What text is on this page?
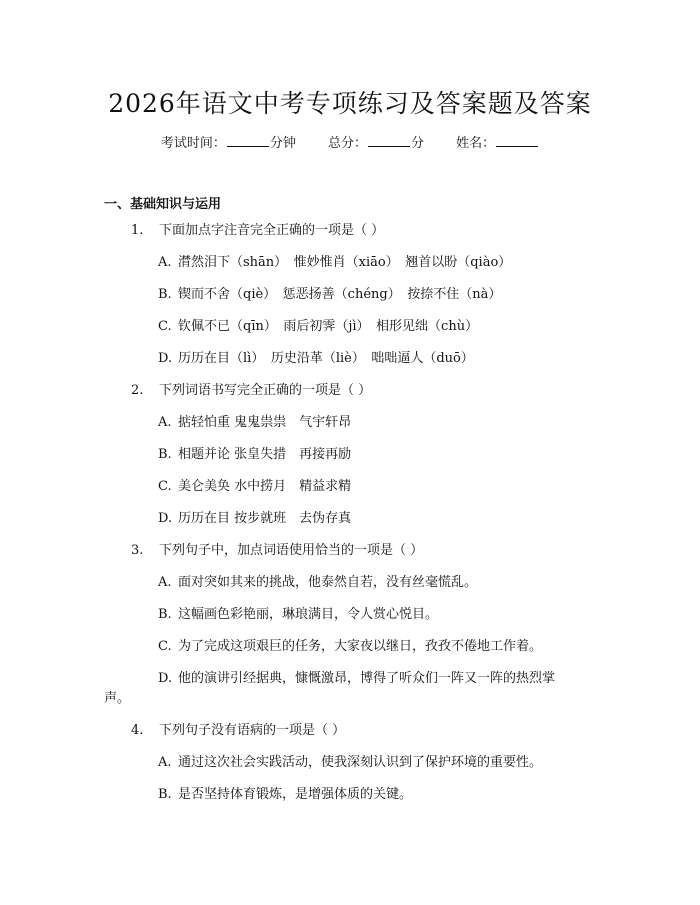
2026年语文中考专项练习及答案题及答案
考试时间：	分钟 总分：	分 姓名：
一、基础知识与运用
1. 下面加点字注音完全正确的一项是（ ）
A. 潸然泪下（shān）　惟妙惟肖（xiāo）　翘首以盼（qiào）
B. 锲而不舍（qiè）　惩恶扬善（chéng）　按捺不住（nà）
C. 钦佩不已（qīn）　雨后初霁（jì）　相形见绌（chù）
D. 历历在目（lì）　历史沿革（liè）　咄咄逼人（duō）
2. 下列词语书写完全正确的一项是（ ）
A. 掂轻怕重 鬼鬼祟祟　气宇轩昂
B. 相题并论 张皇失措　再接再励
C. 美仑美奂 水中捞月　精益求精
D. 历历在目 按步就班　去伪存真
3. 下列句子中，加点词语使用恰当的一项是（ ）
A. 面对突如其来的挑战，他泰然自若，没有丝毫慌乱。
B. 这幅画色彩艳丽，琳琅满目，令人赏心悦目。
C. 为了完成这项艰巨的任务，大家夜以继日，孜孜不倦地工作着。
D. 他的演讲引经据典，慷慨激昂，博得了听众们一阵又一阵的热烈掌
声。
4. 下列句子没有语病的一项是（ ）
A. 通过这次社会实践活动，使我深刻认识到了保护环境的重要性。
B. 是否坚持体育锻炼，是增强体质的关键。
